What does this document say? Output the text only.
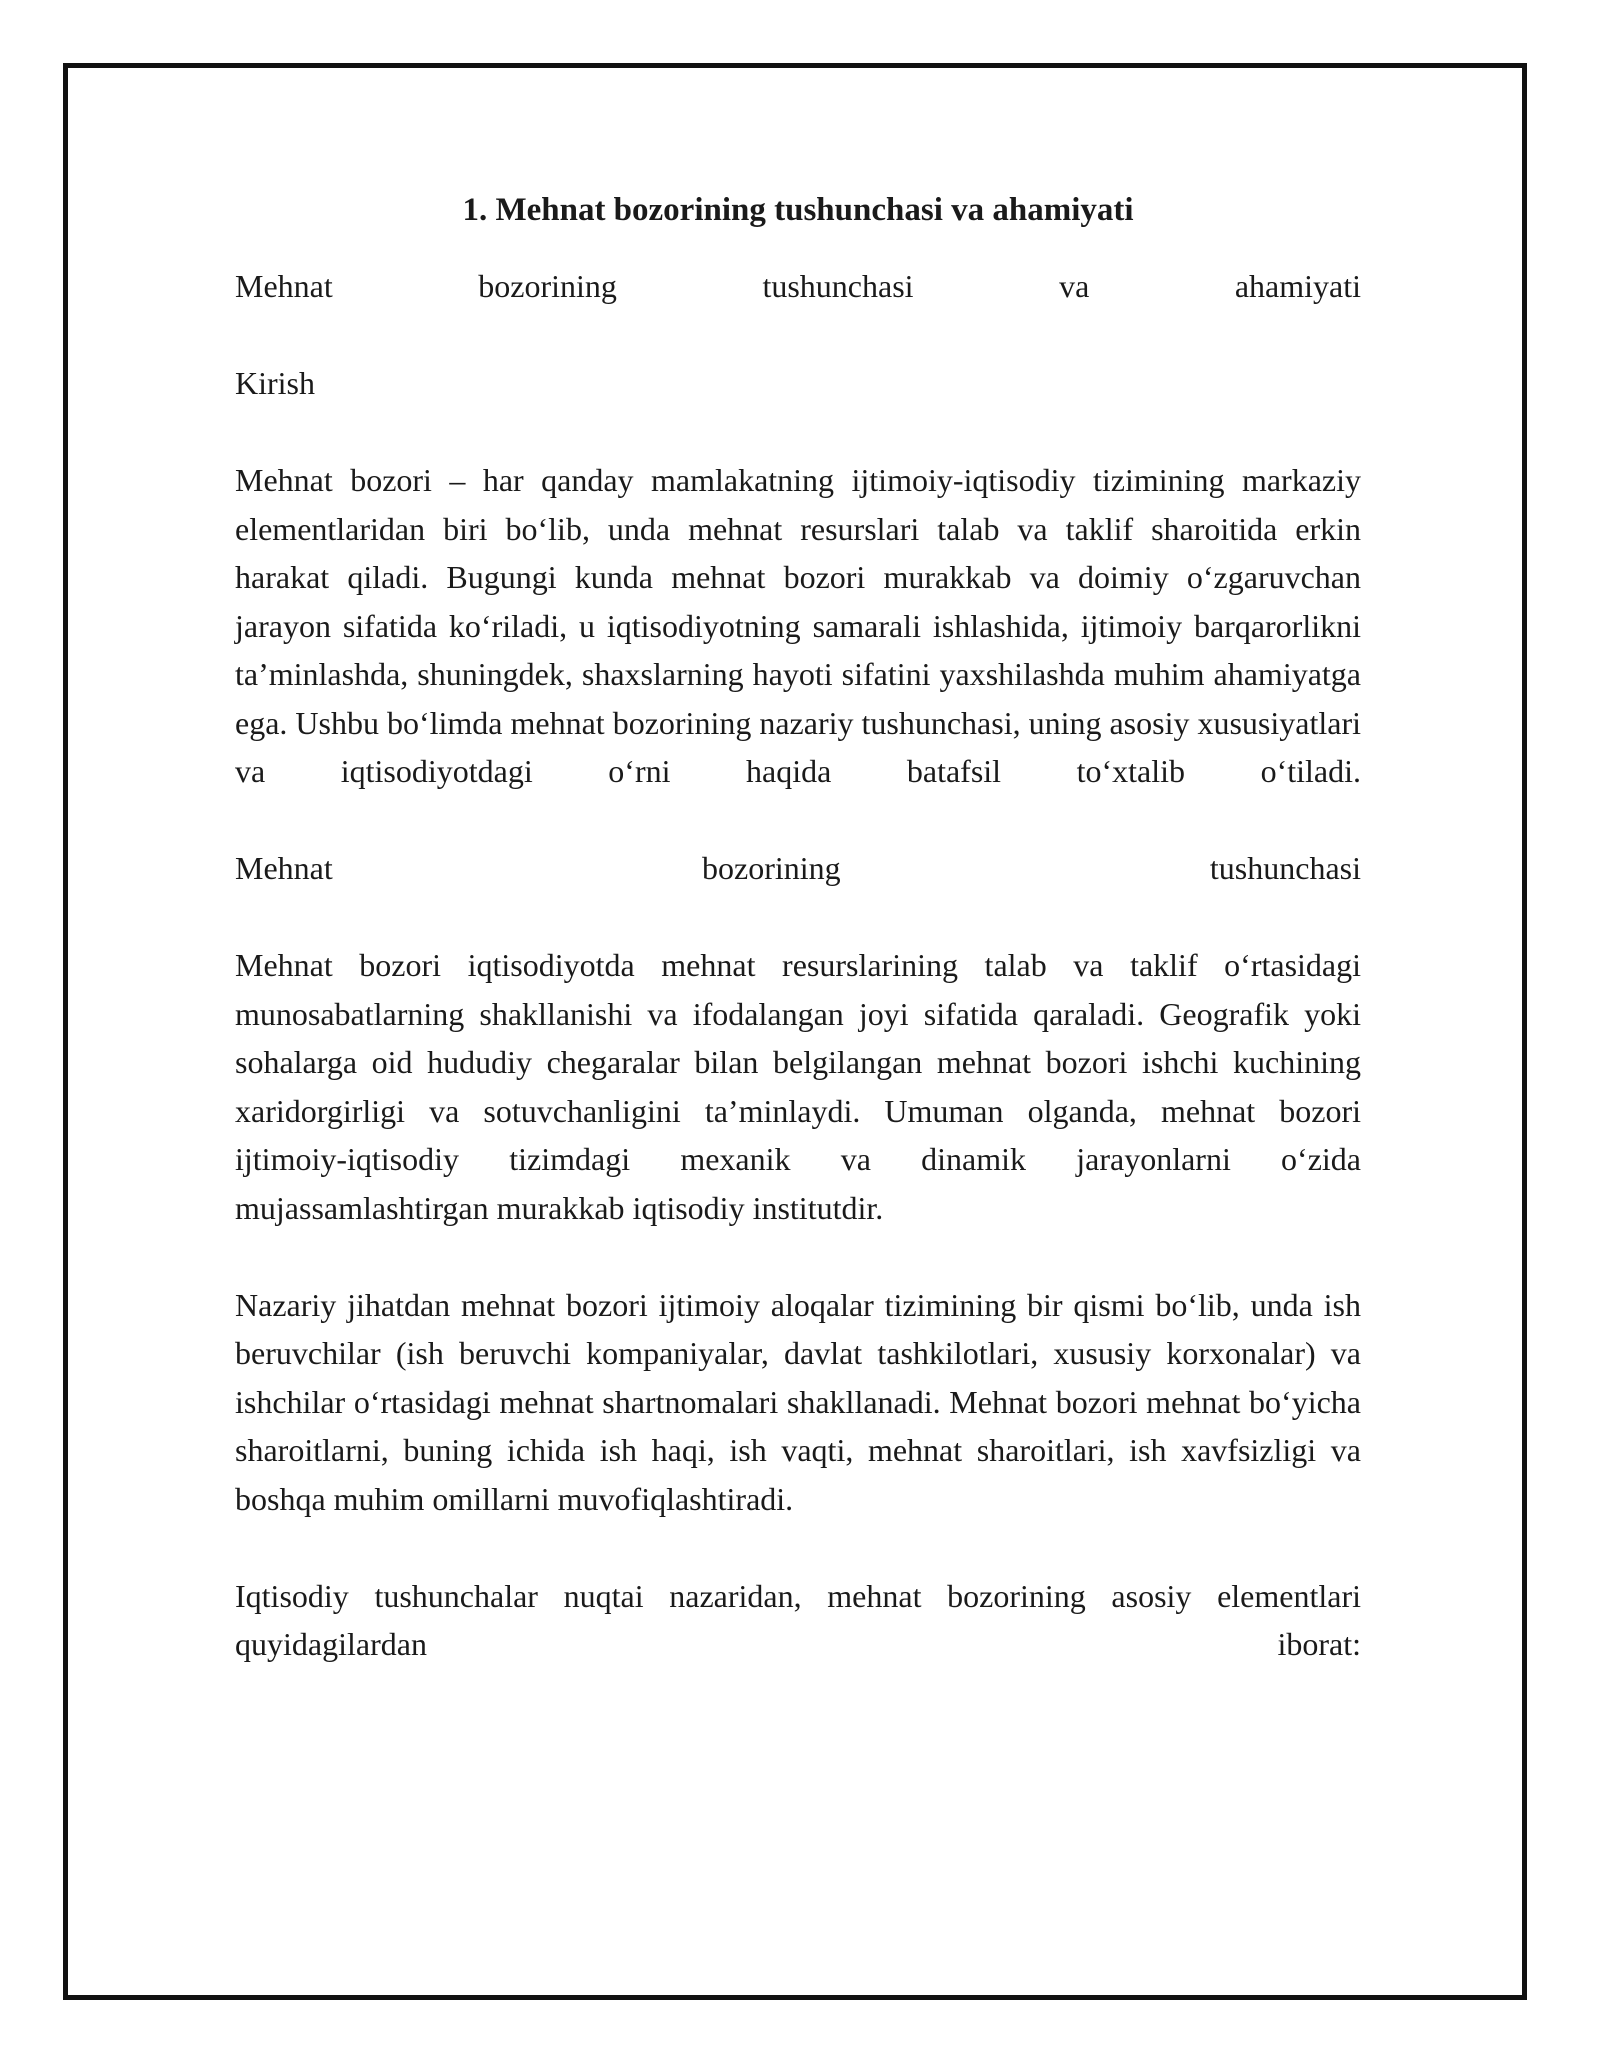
1. Mehnat bozorining tushunchasi va ahamiyati

Mehnat bozorining tushunchasi va ahamiyati

Kirish

Mehnat bozori – har qanday mamlakatning ijtimoiy-iqtisodiy tizimining markaziy elementlaridan biri boʻlib, unda mehnat resurslari talab va taklif sharoitida erkin harakat qiladi. Bugungi kunda mehnat bozori murakkab va doimiy oʻzgaruvchan jarayon sifatida koʻriladi, u iqtisodiyotning samarali ishlashida, ijtimoiy barqarorlikni taʼminlashda, shuningdek, shaxslarning hayoti sifatini yaxshilashda muhim ahamiyatga ega. Ushbu boʻlimda mehnat bozorining nazariy tushunchasi, uning asosiy xususiyatlari va iqtisodiyotdagi oʻrni haqida batafsil toʻxtalib oʻtiladi.

Mehnat bozorining tushunchasi

Mehnat bozori iqtisodiyotda mehnat resurslarining talab va taklif oʻrtasidagi munosabatlarning shakllanishi va ifodalangan joyi sifatida qaraladi. Geografik yoki sohalarga oid hududiy chegaralar bilan belgilangan mehnat bozori ishchi kuchining xaridorgirligi va sotuvchanligini taʼminlaydi. Umuman olganda, mehnat bozori ijtimoiy-iqtisodiy tizimdagi mexanik va dinamik jarayonlarni oʻzida mujassamlashtirgan murakkab iqtisodiy institutdir.

Nazariy jihatdan mehnat bozori ijtimoiy aloqalar tizimining bir qismi boʻlib, unda ish beruvchilar (ish beruvchi kompaniyalar, davlat tashkilotlari, xususiy korxonalar) va ishchilar oʻrtasidagi mehnat shartnomalari shakllanadi. Mehnat bozori mehnat boʻyicha sharoitlarni, buning ichida ish haqi, ish vaqti, mehnat sharoitlari, ish xavfsizligi va boshqa muhim omillarni muvofiqlashtiradi.

Iqtisodiy tushunchalar nuqtai nazaridan, mehnat bozorining asosiy elementlari quyidagilardan iborat:
